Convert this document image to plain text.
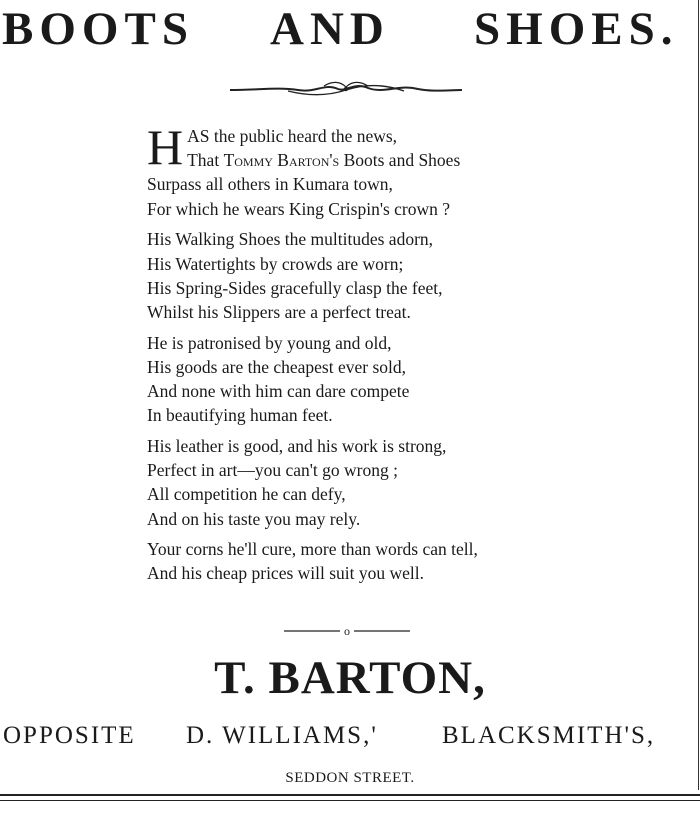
BOOTS AND SHOES.
H AS the public heard the news,
That Tommy Barton's Boots and Shoes
Surpass all others in Kumara town,
For which he wears King Crispin's crown ?
His Walking Shoes the multitudes adorn,
His Watertights by crowds are worn;
His Spring-Sides gracefully clasp the feet,
Whilst his Slippers are a perfect treat.
He is patronised by young and old,
His goods are the cheapest ever sold,
And none with him can dare compete
In beautifying human feet.
His leather is good, and his work is strong,
Perfect in art—you can't go wrong ;
All competition he can defy,
And on his taste you may rely.
Your corns he'll cure, more than words can tell,
And his cheap prices will suit you well.
o
T. BARTON,
OPPOSITE D. WILLIAMS,'	BLACKSMITH'S,
SEDDON STREET.
